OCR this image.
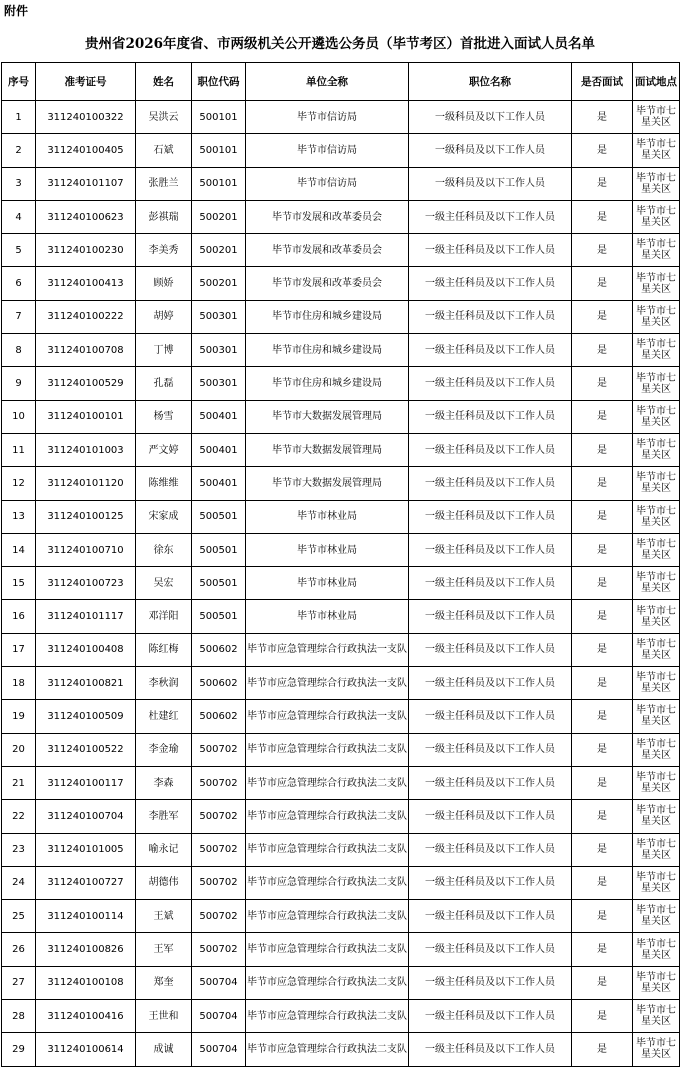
附件
贵州省2026年度省、市两级机关公开遴选公务员（毕节考区）首批进入面试人员名单
序号	准考证号	姓名	职位代码	单位全称	职位名称	是否面试	面试地点
1	311240100322	吴洪云	500101	毕节市信访局	一级科员及以下工作人员	是	毕节市七星关区
2	311240100405	石斌	500101	毕节市信访局	一级科员及以下工作人员	是	毕节市七星关区
3	311240101107	张胜兰	500101	毕节市信访局	一级科员及以下工作人员	是	毕节市七星关区
4	311240100623	彭祺瑞	500201	毕节市发展和改革委员会	一级主任科员及以下工作人员	是	毕节市七星关区
5	311240100230	李美秀	500201	毕节市发展和改革委员会	一级主任科员及以下工作人员	是	毕节市七星关区
6	311240100413	顾娇	500201	毕节市发展和改革委员会	一级主任科员及以下工作人员	是	毕节市七星关区
7	311240100222	胡婷	500301	毕节市住房和城乡建设局	一级主任科员及以下工作人员	是	毕节市七星关区
8	311240100708	丁博	500301	毕节市住房和城乡建设局	一级主任科员及以下工作人员	是	毕节市七星关区
9	311240100529	孔磊	500301	毕节市住房和城乡建设局	一级主任科员及以下工作人员	是	毕节市七星关区
10	311240100101	杨雪	500401	毕节市大数据发展管理局	一级主任科员及以下工作人员	是	毕节市七星关区
11	311240101003	严文婷	500401	毕节市大数据发展管理局	一级主任科员及以下工作人员	是	毕节市七星关区
12	311240101120	陈维维	500401	毕节市大数据发展管理局	一级主任科员及以下工作人员	是	毕节市七星关区
13	311240100125	宋家成	500501	毕节市林业局	一级主任科员及以下工作人员	是	毕节市七星关区
14	311240100710	徐东	500501	毕节市林业局	一级主任科员及以下工作人员	是	毕节市七星关区
15	311240100723	吴宏	500501	毕节市林业局	一级主任科员及以下工作人员	是	毕节市七星关区
16	311240101117	邓洋阳	500501	毕节市林业局	一级主任科员及以下工作人员	是	毕节市七星关区
17	311240100408	陈红梅	500602	毕节市应急管理综合行政执法一支队	一级主任科员及以下工作人员	是	毕节市七星关区
18	311240100821	李秋润	500602	毕节市应急管理综合行政执法一支队	一级主任科员及以下工作人员	是	毕节市七星关区
19	311240100509	杜建红	500602	毕节市应急管理综合行政执法一支队	一级主任科员及以下工作人员	是	毕节市七星关区
20	311240100522	李金瑜	500702	毕节市应急管理综合行政执法二支队	一级主任科员及以下工作人员	是	毕节市七星关区
21	311240100117	李森	500702	毕节市应急管理综合行政执法二支队	一级主任科员及以下工作人员	是	毕节市七星关区
22	311240100704	李胜军	500702	毕节市应急管理综合行政执法二支队	一级主任科员及以下工作人员	是	毕节市七星关区
23	311240101005	喻永记	500702	毕节市应急管理综合行政执法二支队	一级主任科员及以下工作人员	是	毕节市七星关区
24	311240100727	胡德伟	500702	毕节市应急管理综合行政执法二支队	一级主任科员及以下工作人员	是	毕节市七星关区
25	311240100114	王斌	500702	毕节市应急管理综合行政执法二支队	一级主任科员及以下工作人员	是	毕节市七星关区
26	311240100826	王军	500702	毕节市应急管理综合行政执法二支队	一级主任科员及以下工作人员	是	毕节市七星关区
27	311240100108	郑奎	500704	毕节市应急管理综合行政执法二支队	一级主任科员及以下工作人员	是	毕节市七星关区
28	311240100416	王世和	500704	毕节市应急管理综合行政执法二支队	一级主任科员及以下工作人员	是	毕节市七星关区
29	311240100614	成诚	500704	毕节市应急管理综合行政执法二支队	一级主任科员及以下工作人员	是	毕节市七星关区
